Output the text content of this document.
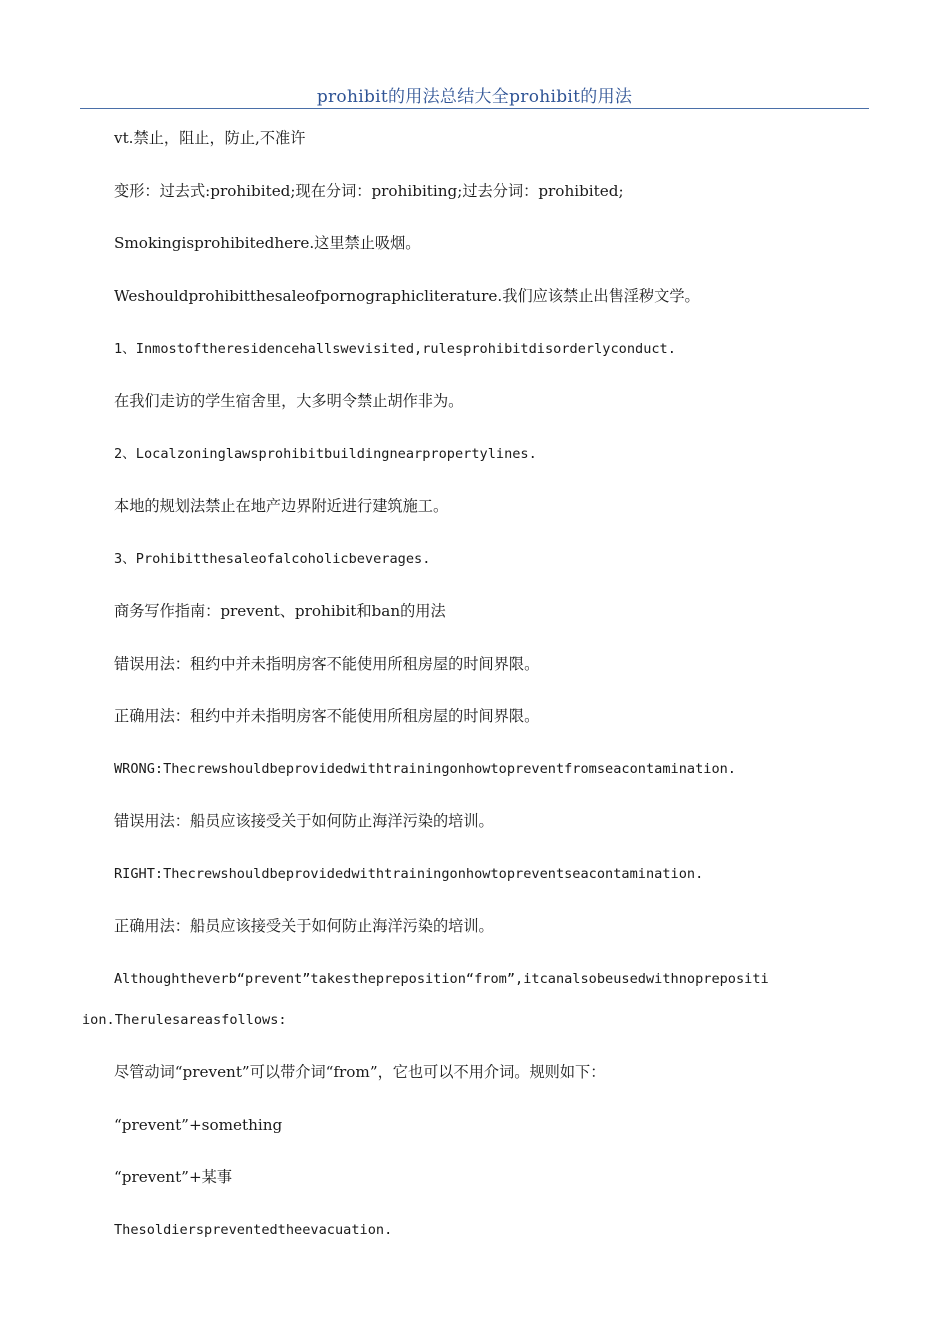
prohibit的用法总结大全prohibit的用法
vt.禁止，阻止，防止,不准许
变形：过去式:prohibited;现在分词：prohibiting;过去分词：prohibited;
Smokingisprohibitedhere.这里禁止吸烟。
Weshouldprohibitthesaleofpornographicliterature.我们应该禁止出售淫秽文学。
1、Inmostoftheresidencehallswevisited,rulesprohibitdisorderlyconduct.
在我们走访的学生宿舍里，大多明令禁止胡作非为。
2、Localzoninglawsprohibitbuildingnearpropertylines.
本地的规划法禁止在地产边界附近进行建筑施工。
3、Prohibitthesaleofalcoholicbeverages.
商务写作指南：prevent、prohibit和ban的用法
错误用法：租约中并未指明房客不能使用所租房屋的时间界限。
正确用法：租约中并未指明房客不能使用所租房屋的时间界限。
WRONG:Thecrewshouldbeprovidedwithtrainingonhowtopreventfromseacontamination.
错误用法：船员应该接受关于如何防止海洋污染的培训。
RIGHT:Thecrewshouldbeprovidedwithtrainingonhowtopreventseacontamination.
正确用法：船员应该接受关于如何防止海洋污染的培训。
Althoughtheverb“prevent”takesthepreposition“from”,itcanalsobeusedwithnoprepositi
ion.Therulesareasfollows:
尽管动词“prevent”可以带介词“from”，它也可以不用介词。规则如下：
“prevent”+something
“prevent”+某事
Thesoldierspreventedtheevacuation.
